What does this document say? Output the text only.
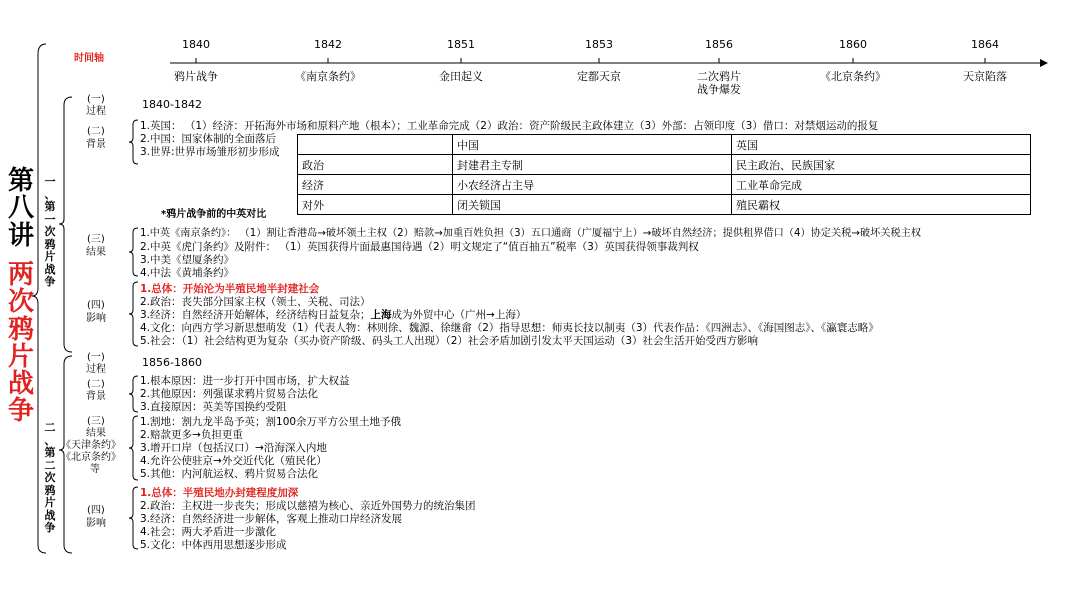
第
八
讲
两
次
鸦
片
战
争
一
、
第
一
次
鸦
片
战
争
二
、
第
二
次
鸦
片
战
争
时间轴
1840	1842	1851	1853	1856	1860	1864
鸦片战争	《南京条约》	金田起义	定都天京	二次鸦片
战争爆发
《北京条约》	天京陷落
(一)
过程
1840-1842
(二)
背景
1.英国： （1）经济：开拓海外市场和原料产地（根本）；工业革命完成（2）政治：资产阶级民主政体建立（3）外部：占领印度（3）借口：对禁烟运动的报复
2.中国：国家体制的全面落后
3.世界:世界市场雏形初步形成
	中国	英国
政治	封建君主专制	民主政治、民族国家
经济	小农经济占主导	工业革命完成
对外	闭关锁国	殖民霸权
*鸦片战争前的中英对比
(三)
结果
1.中英《南京条约》： （1）割让香港岛→破坏领土主权（2）赔款→加重百姓负担（3）五口通商（广厦福宁上）→破坏自然经济；提供租界借口（4）协定关税→破坏关税主权
2.中英《虎门条约》及附件： （1）英国获得片面最惠国待遇（2）明文规定了“值百抽五”税率（3）英国获得领事裁判权
3.中美《望厦条约》
4.中法《黄埔条约》
(四)
影响
1.总体：开始沦为半殖民地半封建社会
2.政治：丧失部分国家主权（领土、关税、司法）
3.经济：自然经济开始解体，经济结构日益复杂；上海成为外贸中心（广州→上海）
4.文化：向西方学习新思想萌发（1）代表人物：林则徐、魏源、徐继畲（2）指导思想：师夷长技以制夷（3）代表作品：《四洲志》、《海国图志》、《瀛寰志略》
5.社会：（1）社会结构更为复杂（买办资产阶级、码头工人出现）（2）社会矛盾加剧引发太平天国运动（3）社会生活开始受西方影响
(一)
过程
1856-1860
(二)
背景
1.根本原因：进一步打开中国市场，扩大权益
2.其他原因：列强谋求鸦片贸易合法化
3.直接原因：英美等国换约受阻
(三)
结果
《天津条约》
《北京条约》
等
1.割地：割九龙半岛予英；割100余万平方公里土地予俄
2.赔款更多→负担更重
3.增开口岸（包括汉口）→沿海深入内地
4.允许公使驻京→外交近代化（殖民化）
5.其他：内河航运权、鸦片贸易合法化
(四)
影响
1.总体：半殖民地办封建程度加深
2.政治：主权进一步丧失；形成以慈禧为核心、亲近外国势力的统治集团
3.经济：自然经济进一步解体，客观上推动口岸经济发展
4.社会：两大矛盾进一步激化
5.文化：中体西用思想逐步形成
